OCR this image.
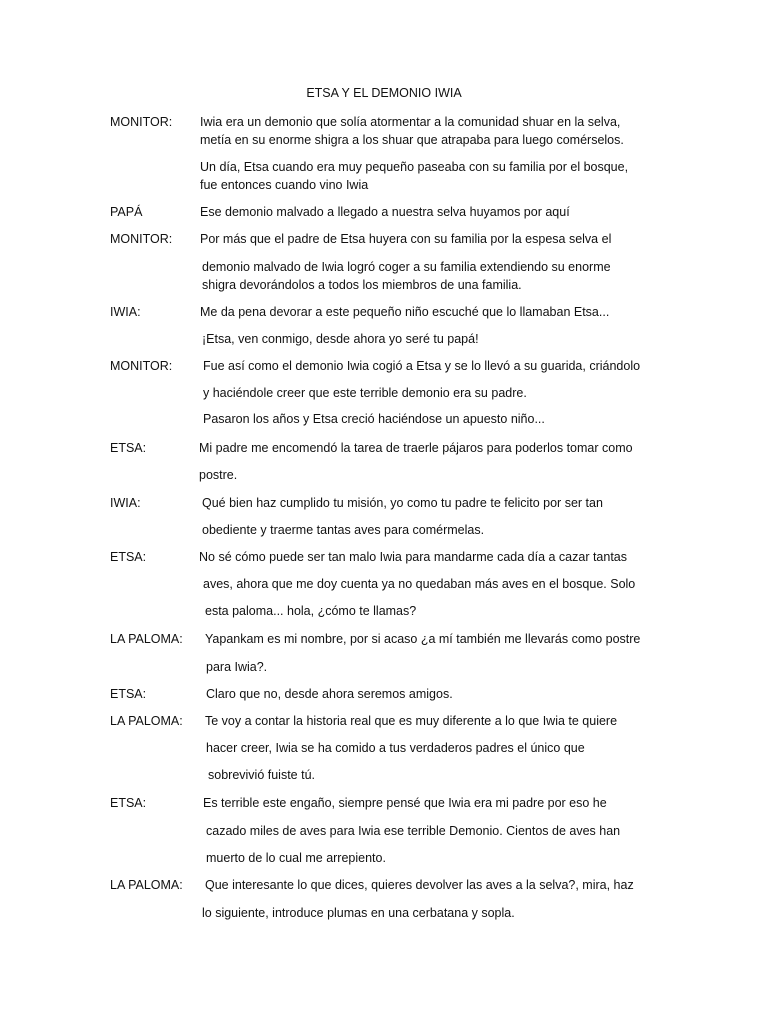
ETSA Y EL DEMONIO IWIA
MONITOR: Iwia era un demonio que solía atormentar a la comunidad shuar en la selva,
metía en su enorme shigra a los shuar que atrapaba para luego comérselos.
Un día, Etsa cuando era muy pequeño paseaba con su familia por el bosque,
fue entonces cuando vino Iwia
PAPÁ	Ese demonio malvado a llegado a nuestra selva huyamos por aquí
MONITOR: Por más que el padre de Etsa huyera con su familia por la espesa selva el
demonio malvado de Iwia logró coger a su familia extendiendo su enorme
shigra devorándolos a todos los miembros de una familia.
IWIA:	Me da pena devorar a este pequeño niño escuché que lo llamaban Etsa...
¡Etsa, ven conmigo, desde ahora yo seré tu papá!
MONITOR: Fue así como el demonio Iwia cogió a Etsa y se lo llevó a su guarida, criándolo
y haciéndole creer que este terrible demonio era su padre.
Pasaron los años y Etsa creció haciéndose un apuesto niño...
ETSA:	Mi padre me encomendó la tarea de traerle pájaros para poderlos tomar como
postre.
IWIA:	Qué bien haz cumplido tu misión, yo como tu padre te felicito por ser tan
obediente y traerme tantas aves para comérmelas.
ETSA:	No sé cómo puede ser tan malo Iwia para mandarme cada día a cazar tantas
aves, ahora que me doy cuenta ya no quedaban más aves en el bosque. Solo
esta paloma... hola, ¿cómo te llamas?
LA PALOMA: Yapankam es mi nombre, por si acaso ¿a mí también me llevarás como postre
para Iwia?.
ETSA:	Claro que no, desde ahora seremos amigos.
LA PALOMA: Te voy a contar la historia real que es muy diferente a lo que Iwia te quiere
hacer creer, Iwia se ha comido a tus verdaderos padres el único que
sobrevivió fuiste tú.
ETSA:	Es terrible este engaño, siempre pensé que Iwia era mi padre por eso he
cazado miles de aves para Iwia ese terrible Demonio. Cientos de aves han
muerto de lo cual me arrepiento.
LA PALOMA: Que interesante lo que dices, quieres devolver las aves a la selva?, mira, haz
lo siguiente, introduce plumas en una cerbatana y sopla.
